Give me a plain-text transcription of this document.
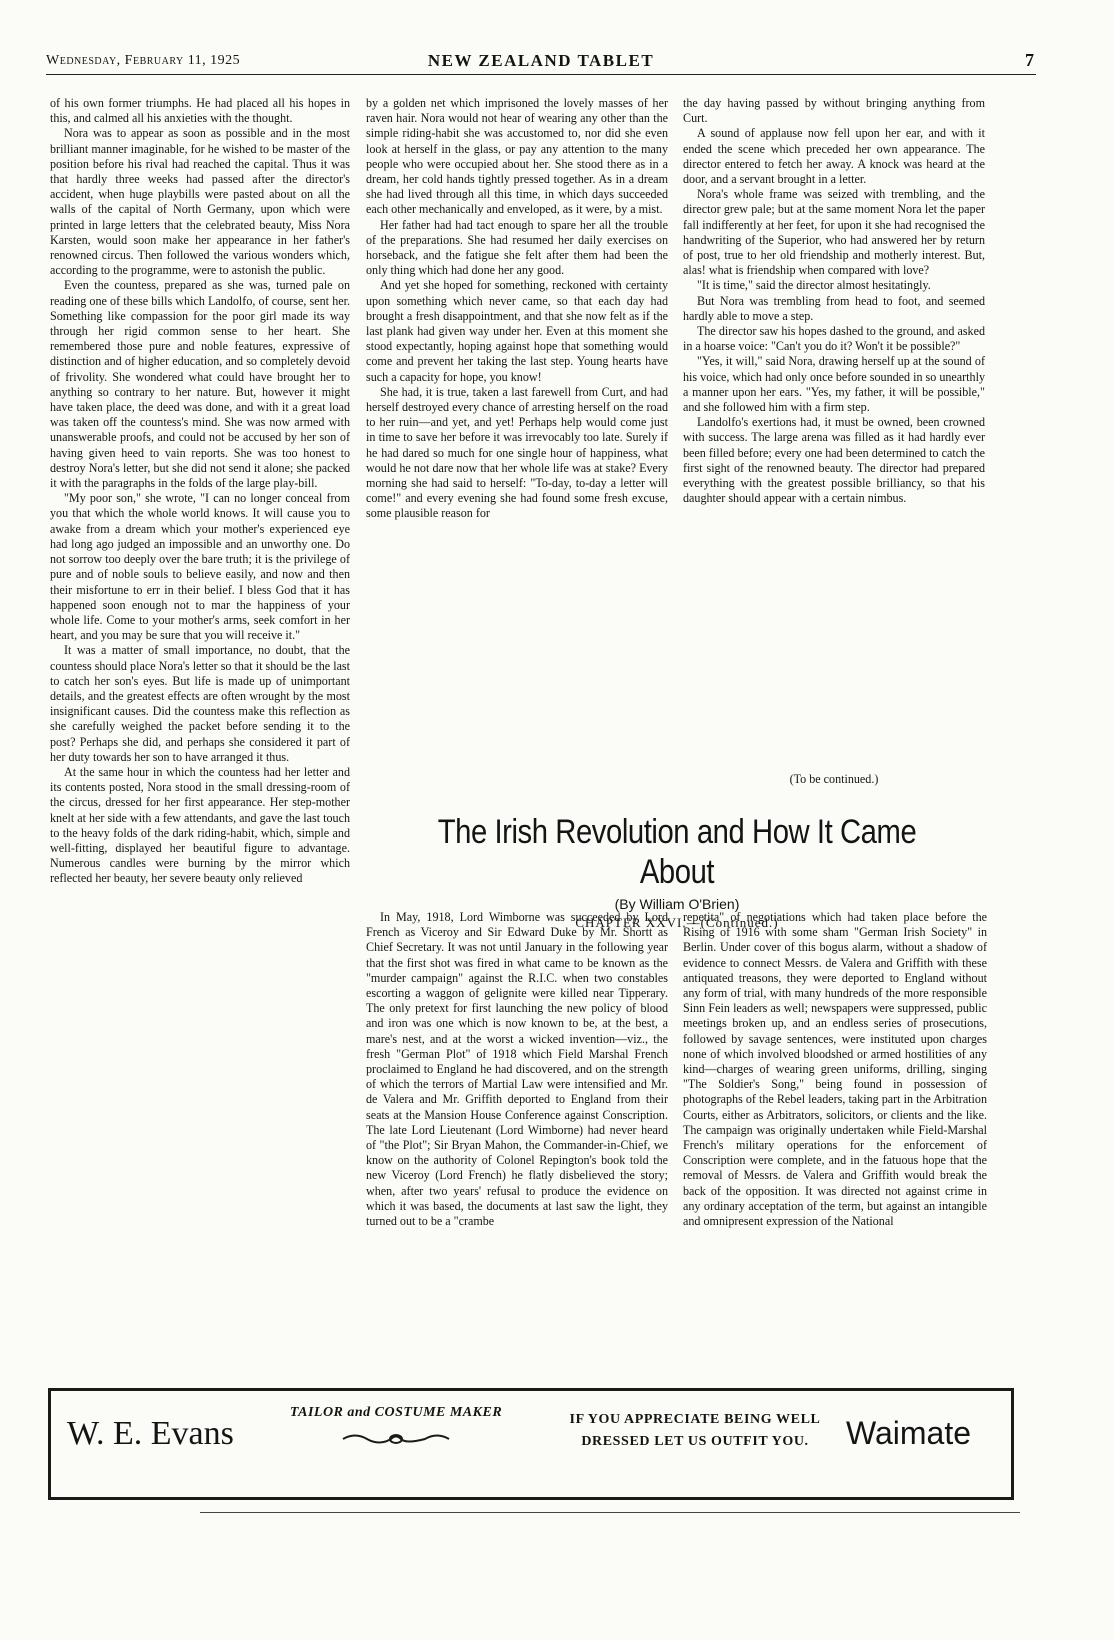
Wednesday, February 11, 1925	NEW ZEALAND TABLET	7

of his own former triumphs. He had placed all his hopes in this, and calmed all his anxieties with the thought.

Nora was to appear as soon as possible and in the most brilliant manner imaginable, for he wished to be master of the position before his rival had reached the capital. Thus it was that hardly three weeks had passed after the director's accident, when huge playbills were pasted about on all the walls of the capital of North Germany, upon which were printed in large letters that the celebrated beauty, Miss Nora Karsten, would soon make her appearance in her father's renowned circus. Then followed the various wonders which, according to the programme, were to astonish the public.

Even the countess, prepared as she was, turned pale on reading one of these bills which Landolfo, of course, sent her. Something like compassion for the poor girl made its way through her rigid common sense to her heart. She remembered those pure and noble features, expressive of distinction and of higher education, and so completely devoid of frivolity. She wondered what could have brought her to anything so contrary to her nature. But, however it might have taken place, the deed was done, and with it a great load was taken off the countess's mind. She was now armed with unanswerable proofs, and could not be accused by her son of having given heed to vain reports. She was too honest to destroy Nora's letter, but she did not send it alone; she packed it with the paragraphs in the folds of the large play-bill.

"My poor son," she wrote, "I can no longer conceal from you that which the whole world knows. It will cause you to awake from a dream which your mother's experienced eye had long ago judged an impossible and an unworthy one. Do not sorrow too deeply over the bare truth; it is the privilege of pure and of noble souls to believe easily, and now and then their misfortune to err in their belief. I bless God that it has happened soon enough not to mar the happiness of your whole life. Come to your mother's arms, seek comfort in her heart, and you may be sure that you will receive it."

It was a matter of small importance, no doubt, that the countess should place Nora's letter so that it should be the last to catch her son's eyes. But life is made up of unimportant details, and the greatest effects are often wrought by the most insignificant causes. Did the countess make this reflection as she carefully weighed the packet before sending it to the post? Perhaps she did, and perhaps she considered it part of her duty towards her son to have arranged it thus.

At the same hour in which the countess had her letter and its contents posted, Nora stood in the small dressing-room of the circus, dressed for her first appearance. Her step-mother knelt at her side with a few attendants, and gave the last touch to the heavy folds of the dark riding-habit, which, simple and well-fitting, displayed her beautiful figure to advantage. Numerous candles were burning by the mirror which reflected her beauty, her severe beauty only relieved

by a golden net which imprisoned the lovely masses of her raven hair. Nora would not hear of wearing any other than the simple riding-habit she was accustomed to, nor did she even look at herself in the glass, or pay any attention to the many people who were occupied about her. She stood there as in a dream, her cold hands tightly pressed together. As in a dream she had lived through all this time, in which days succeeded each other mechanically and enveloped, as it were, by a mist.

Her father had had tact enough to spare her all the trouble of the preparations. She had resumed her daily exercises on horseback, and the fatigue she felt after them had been the only thing which had done her any good.

And yet she hoped for something, reckoned with certainty upon something which never came, so that each day had brought a fresh disappointment, and that she now felt as if the last plank had given way under her. Even at this moment she stood expectantly, hoping against hope that something would come and prevent her taking the last step. Young hearts have such a capacity for hope, you know!

She had, it is true, taken a last farewell from Curt, and had herself destroyed every chance of arresting herself on the road to her ruin—and yet, and yet! Perhaps help would come just in time to save her before it was irrevocably too late. Surely if he had dared so much for one single hour of happiness, what would he not dare now that her whole life was at stake? Every morning she had said to herself: "To-day, to-day a letter will come!" and every evening she had found some fresh excuse, some plausible reason for

the day having passed by without bringing anything from Curt.

A sound of applause now fell upon her ear, and with it ended the scene which preceded her own appearance. The director entered to fetch her away. A knock was heard at the door, and a servant brought in a letter.

Nora's whole frame was seized with trembling, and the director grew pale; but at the same moment Nora let the paper fall indifferently at her feet, for upon it she had recognised the handwriting of the Superior, who had answered her by return of post, true to her old friendship and motherly interest. But, alas! what is friendship when compared with love?

"It is time," said the director almost hesitatingly.

But Nora was trembling from head to foot, and seemed hardly able to move a step.

The director saw his hopes dashed to the ground, and asked in a hoarse voice: "Can't you do it? Won't it be possible?"

"Yes, it will," said Nora, drawing herself up at the sound of his voice, which had only once before sounded in so unearthly a manner upon her ears. "Yes, my father, it will be possible," and she followed him with a firm step.

Landolfo's exertions had, it must be owned, been crowned with success. The large arena was filled as it had hardly ever been filled before; every one had been determined to catch the first sight of the renowned beauty. The director had prepared everything with the greatest possible brilliancy, so that his daughter should appear with a certain nimbus.

(To be continued.)

The Irish Revolution and How It Came About
(By William O'Brien)
CHAPTER XXVI.—(Continued.)

In May, 1918, Lord Wimborne was succeeded by Lord French as Viceroy and Sir Edward Duke by Mr. Shortt as Chief Secretary. It was not until January in the following year that the first shot was fired in what came to be known as the "murder campaign" against the R.I.C. when two constables escorting a waggon of gelignite were killed near Tipperary. The only pretext for first launching the new policy of blood and iron was one which is now known to be, at the best, a mare's nest, and at the worst a wicked invention—viz., the fresh "German Plot" of 1918 which Field Marshal French proclaimed to England he had discovered, and on the strength of which the terrors of Martial Law were intensified and Mr. de Valera and Mr. Griffith deported to England from their seats at the Mansion House Conference against Conscription. The late Lord Lieutenant (Lord Wimborne) had never heard of "the Plot"; Sir Bryan Mahon, the Commander-in-Chief, we know on the authority of Colonel Repington's book told the new Viceroy (Lord French) he flatly disbelieved the story; when, after two years' refusal to produce the evidence on which it was based, the documents at last saw the light, they turned out to be a "crambe

repetita" of negotiations which had taken place before the Rising of 1916 with some sham "German Irish Society" in Berlin. Under cover of this bogus alarm, without a shadow of evidence to connect Messrs. de Valera and Griffith with these antiquated treasons, they were deported to England without any form of trial, with many hundreds of the more responsible Sinn Fein leaders as well; newspapers were suppressed, public meetings broken up, and an endless series of prosecutions, followed by savage sentences, were instituted upon charges none of which involved bloodshed or armed hostilities of any kind—charges of wearing green uniforms, drilling, singing "The Soldier's Song," being found in possession of photographs of the Rebel leaders, taking part in the Arbitration Courts, either as Arbitrators, solicitors, or clients and the like. The campaign was originally undertaken while Field-Marshal French's military operations for the enforcement of Conscription were complete, and in the fatuous hope that the removal of Messrs. de Valera and Griffith would break the back of the opposition. It was directed not against crime in any ordinary acceptation of the term, but against an intangible and omnipresent expression of the National

W. E. Evans
TAILOR and COSTUME MAKER	IF YOU APPRECIATE BEING WELL
DRESSED LET US OUTFIT YOU.	Waimate
